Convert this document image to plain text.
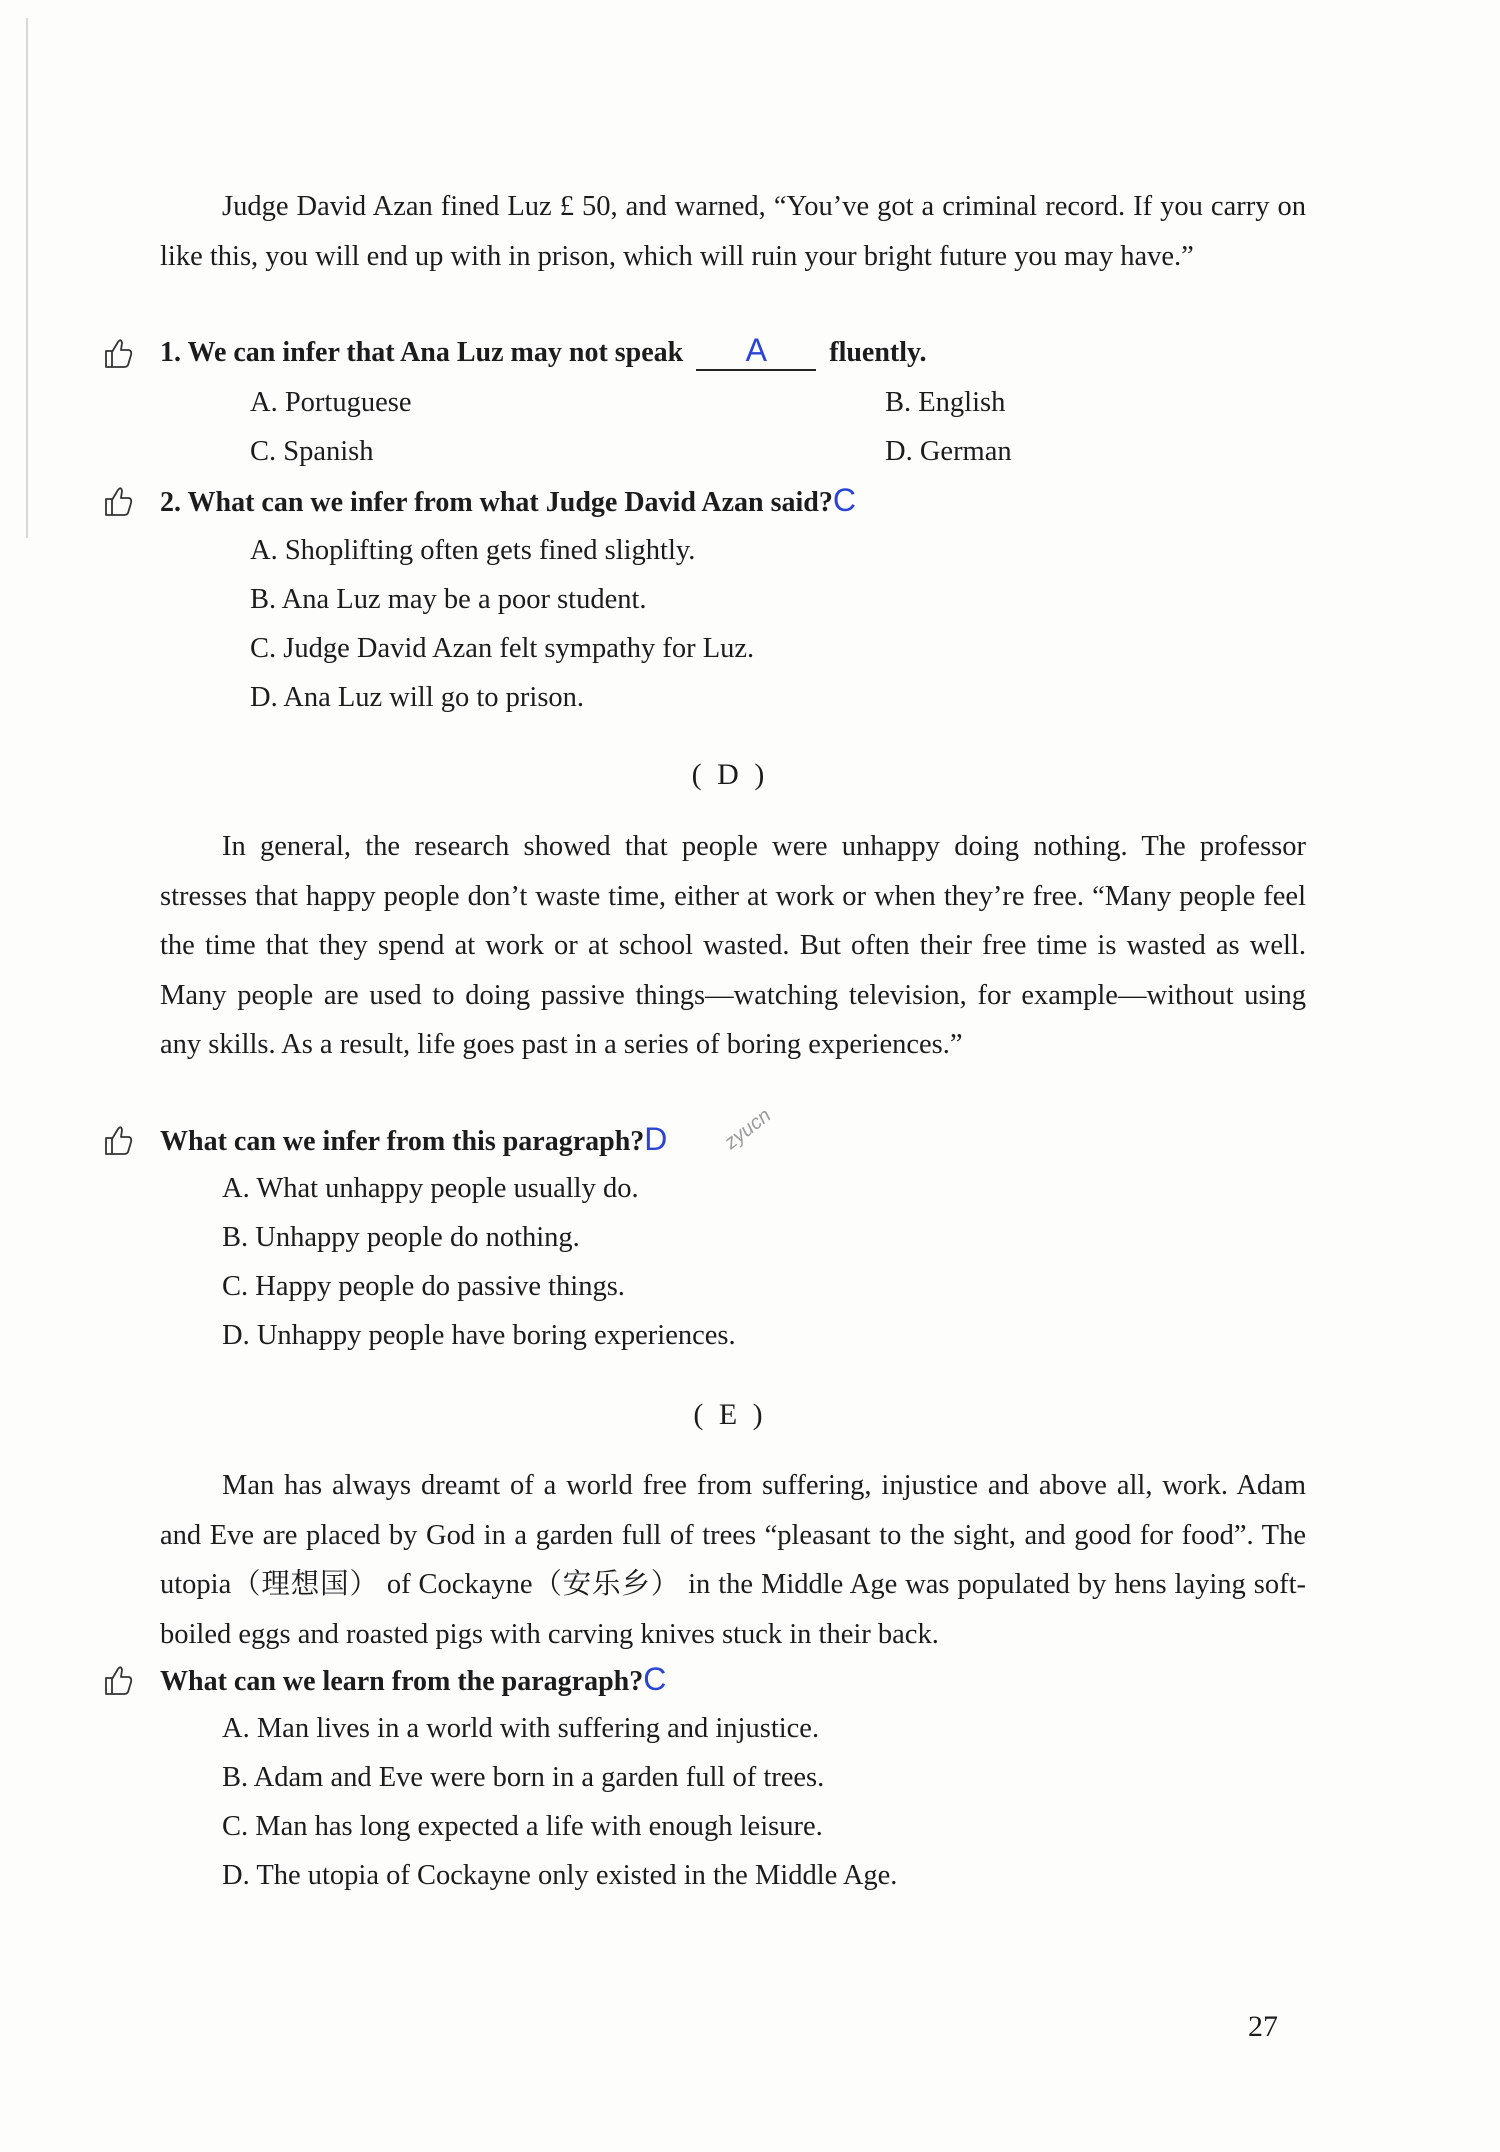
Judge David Azan fined Luz £ 50, and warned, “You’ve got a criminal record. If you carry on like this, you will end up with in prison, which will ruin your bright future you may have.”

1. We can infer that Ana Luz may not speak A fluently.
A. Portuguese	B. English
C. Spanish	D. German
2. What can we infer from what Judge David Azan said?C
A. Shoplifting often gets fined slightly.
B. Ana Luz may be a poor student.
C. Judge David Azan felt sympathy for Luz.
D. Ana Luz will go to prison.
( D )

In general, the research showed that people were unhappy doing nothing. The professor stresses that happy people don’t waste time, either at work or when they’re free. “Many people feel the time that they spend at work or at school wasted. But often their free time is wasted as well. Many people are used to doing passive things—watching television, for example—without using any skills. As a result, life goes past in a series of boring experiences.”

What can we infer from this paragraph?D	zyucn
A. What unhappy people usually do.
B. Unhappy people do nothing.
C. Happy people do passive things.
D. Unhappy people have boring experiences.
( E )

Man has always dreamt of a world free from suffering, injustice and above all, work. Adam and Eve are placed by God in a garden full of trees “pleasant to the sight, and good for food”. The utopia（理想国） of Cockayne（安乐乡） in the Middle Age was populated by hens laying soft-boiled eggs and roasted pigs with carving knives stuck in their back.

What can we learn from the paragraph?C
A. Man lives in a world with suffering and injustice.
B. Adam and Eve were born in a garden full of trees.
C. Man has long expected a life with enough leisure.
D. The utopia of Cockayne only existed in the Middle Age.
27
